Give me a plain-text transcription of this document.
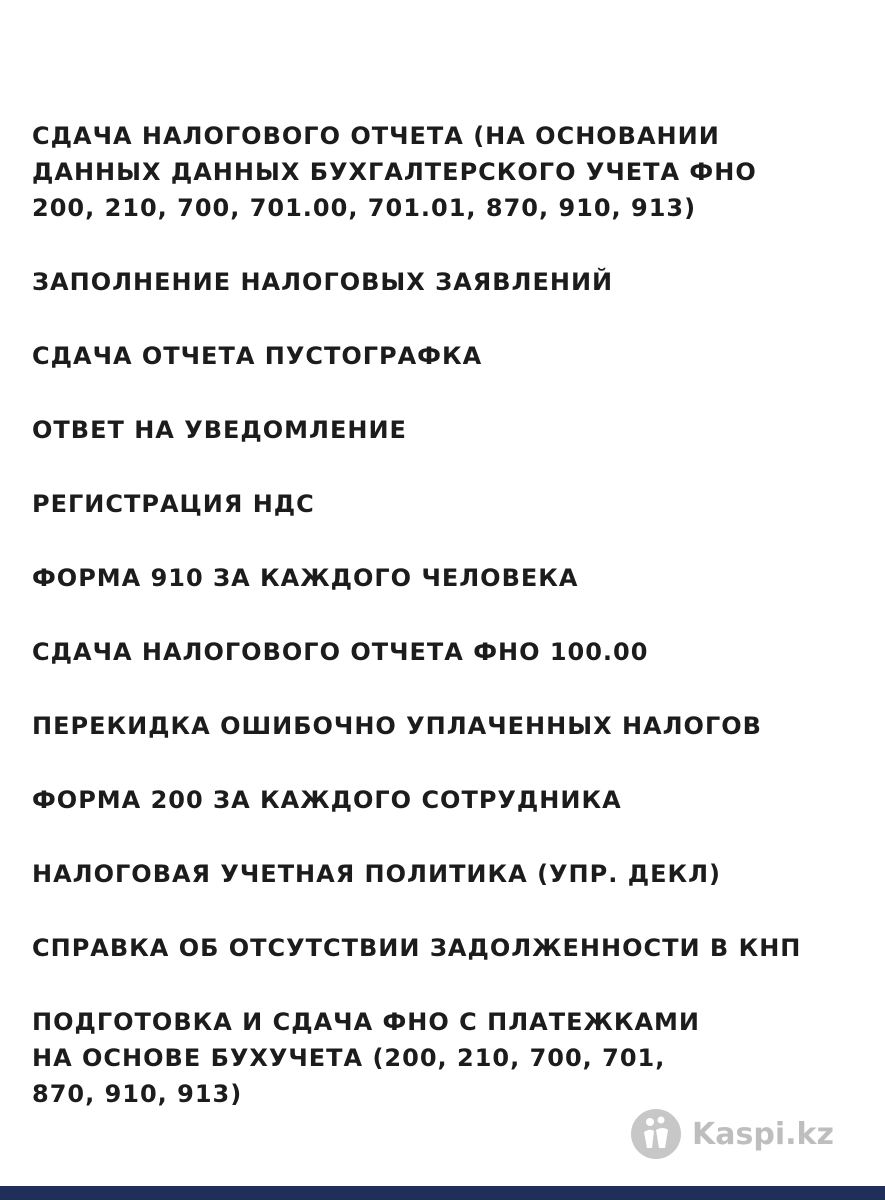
СДАЧА НАЛОГОВОГО ОТЧЕТА (НА ОСНОВАНИИ
ДАННЫХ ДАННЫХ БУХГАЛТЕРСКОГО УЧЕТА ФНО
200, 210, 700, 701.00, 701.01, 870, 910, 913)
ЗАПОЛНЕНИЕ НАЛОГОВЫХ ЗАЯВЛЕНИЙ
СДАЧА ОТЧЕТА ПУСТОГРАФКА
ОТВЕТ НА УВЕДОМЛЕНИЕ
РЕГИСТРАЦИЯ НДС
ФОРМА 910 ЗА КАЖДОГО ЧЕЛОВЕКА
СДАЧА НАЛОГОВОГО ОТЧЕТА ФНО 100.00
ПЕРЕКИДКА ОШИБОЧНО УПЛАЧЕННЫХ НАЛОГОВ
ФОРМА 200 ЗА КАЖДОГО СОТРУДНИКА
НАЛОГОВАЯ УЧЕТНАЯ ПОЛИТИКА (УПР. ДЕКЛ)
СПРАВКА ОБ ОТСУТСТВИИ ЗАДОЛЖЕННОСТИ В КНП
ПОДГОТОВКА И СДАЧА ФНО С ПЛАТЕЖКАМИ
НА ОСНОВЕ БУХУЧЕТА (200, 210, 700, 701,
870, 910, 913)
Kaspi.kz
